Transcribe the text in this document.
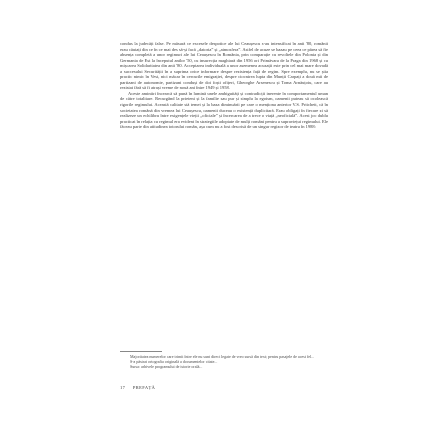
condus la judecăți false. Pe măsură ce excesele despotice ale lui Ceaușescu s-au intensificat în anii '80, românii erau căutați din ce în ce mai des să-și facă „datoria” și „atmosfera”. Astfel de acuze se bazau pe ceea ce părea să fie absența completă a unor regimuri ale lui Ceaușescu în România, prin comparație cu revoltele din Polonia și din Germania de Est la începutul anilor '50, cu insurecția maghiară din 1956 ori Primăvara de la Praga din 1968 și cu mișcarea Solidaritatea din anii '80. Acceptarea individuală a unor asemenea acuzații este prin cel mai mare dovadă a succesului Securității în a suprima orice informare despre rezistența față de regim. Spre exemplu, nu se știa practic nimic în Vest, nici măcar în cercurile emigrației, despre ciocnirea lupta din Munții Carpați a două mii de partizani de autonomie, partizani conduși de doi foști ofițeri, Gheorghe Arsenescu și Toma Arnăuțoiu, care au rezistat fără să fi atrași vreme de nouă ani între 1949 și 1958.

Aceste amintiri încearcă să pună în lumină unele ambiguități și contradicții inerente în comportamentul uman de către totalitare. Recurgând la prieteni și la familie sau pur și simplu la egoism, oamenii puteau să ocolească rigorile regimului. Această calitate stă temei și la baza diminuării pe care o menționa anterior V.S. Pritchett, că în societatea română din vremea lui Ceaușescu, oamenii duceau o existență duplicitară. Erau obligați în fiecare zi să realizeze un echilibru între exigențele vieții „oficiale” și încercarea de a trece o viață „neoficială”. Acest joc dublu practicat în relația cu regimul era evident în strategiile adoptate de mulți români pentru a supraviețui regimului. Ele făceau parte din atitudinea totorului român, așa cum nu a fost descrisă de un singur regizor de teatru în 1988:

Majoritatea numerelor care trimit între ele nu sunt direct legate de vreo sursă din text; pentru pasajele de acest fel...
S-a păstrat ortografia originală a documentelor citate...
Sursa: arhivele programului de istorie orală...
17 PREFAȚĂ
